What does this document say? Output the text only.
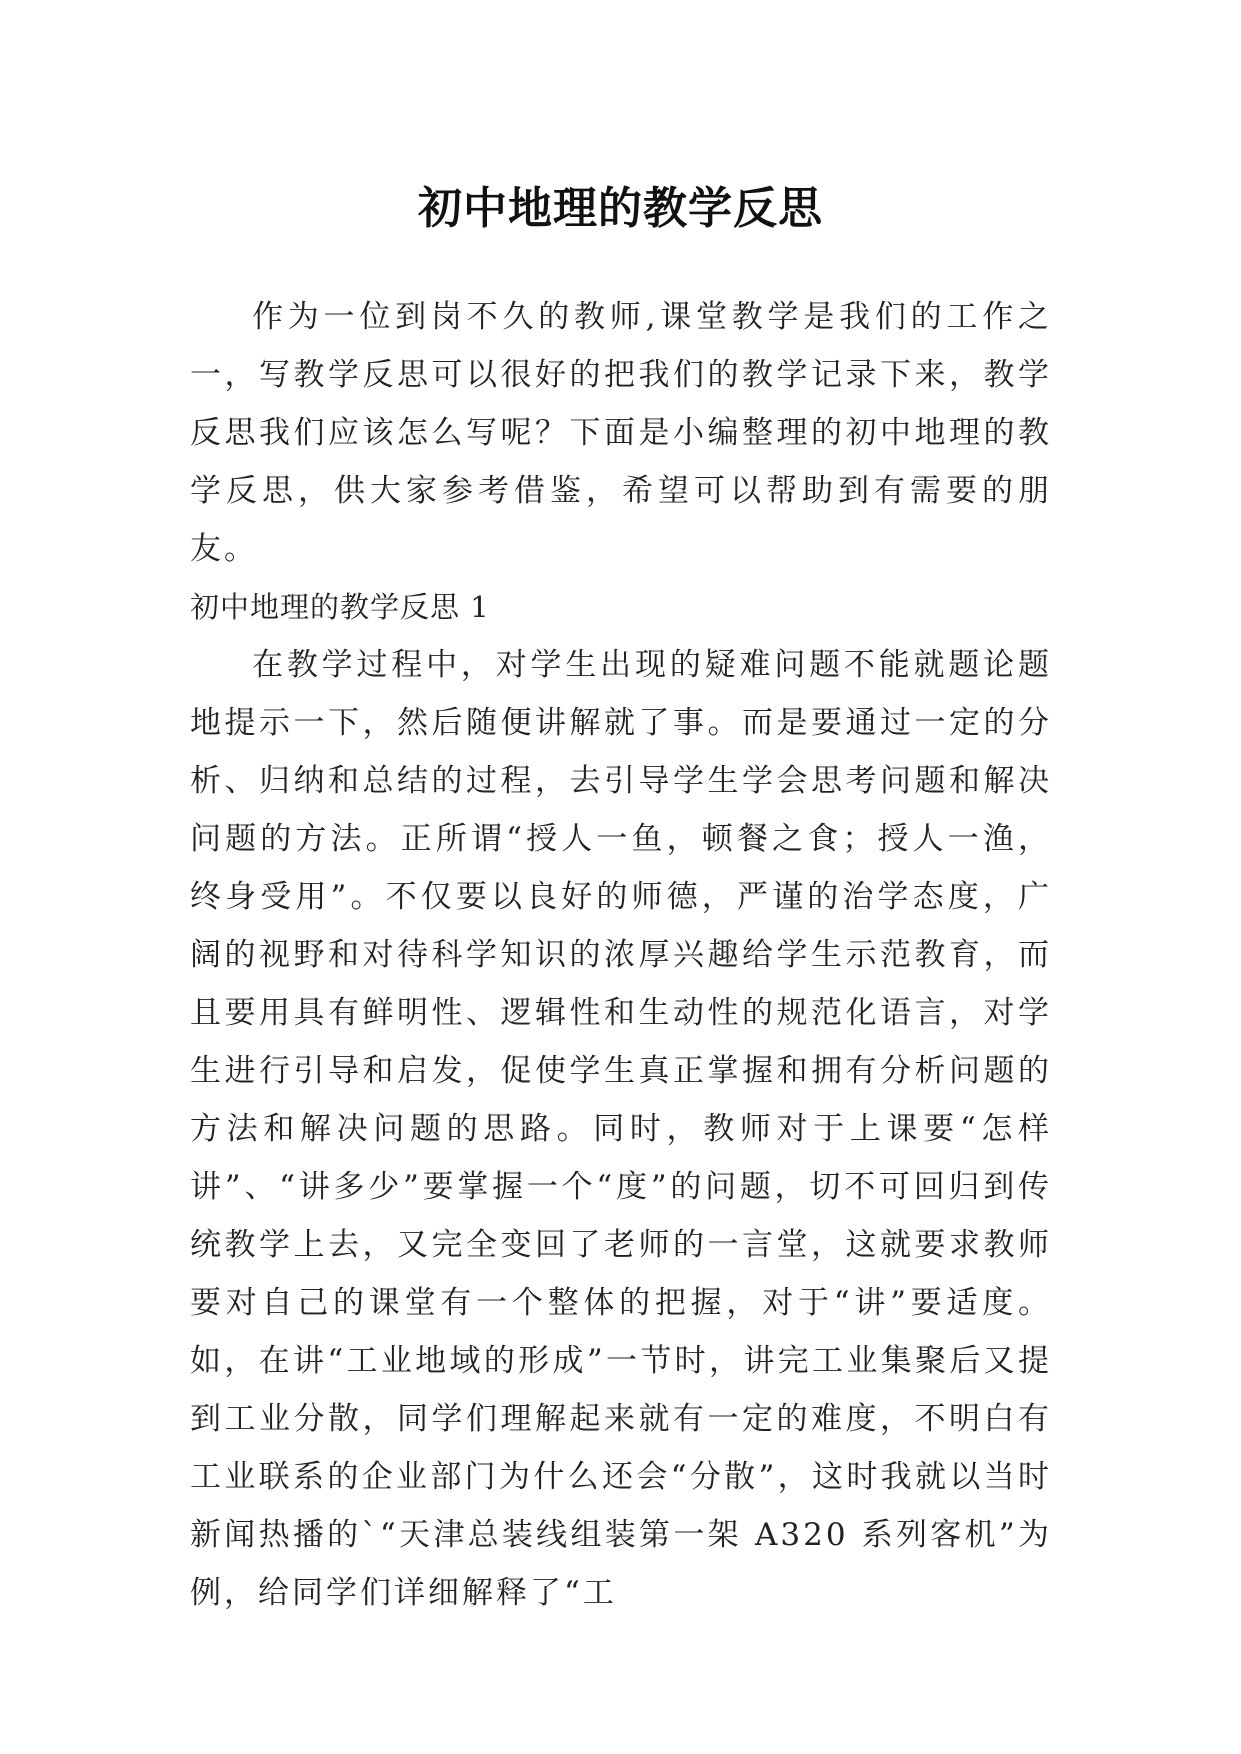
初中地理的教学反思

作为一位到岗不久的教师,课堂教学是我们的工作之一，写教学反思可以很好的把我们的教学记录下来，教学反思我们应该怎么写呢？下面是小编整理的初中地理的教学反思，供大家参考借鉴，希望可以帮助到有需要的朋友。

初中地理的教学反思 1

在教学过程中，对学生出现的疑难问题不能就题论题地提示一下，然后随便讲解就了事。而是要通过一定的分析、归纳和总结的过程，去引导学生学会思考问题和解决问题的方法。正所谓“授人一鱼，顿餐之食；授人一渔，终身受用”。不仅要以良好的师德，严谨的治学态度，广阔的视野和对待科学知识的浓厚兴趣给学生示范教育，而且要用具有鲜明性、逻辑性和生动性的规范化语言，对学生进行引导和启发，促使学生真正掌握和拥有分析问题的方法和解决问题的思路。同时，教师对于上课要“怎样讲”、“讲多少”要掌握一个“度”的问题，切不可回归到传统教学上去，又完全变回了老师的一言堂，这就要求教师要对自己的课堂有一个整体的把握，对于“讲”要适度。如，在讲“工业地域的形成”一节时，讲完工业集聚后又提到工业分散，同学们理解起来就有一定的难度，不明白有工业联系的企业部门为什么还会“分散”，这时我就以当时新闻热播的`“天津总装线组装第一架 A320 系列客机”为例，给同学们详细解释了“工
